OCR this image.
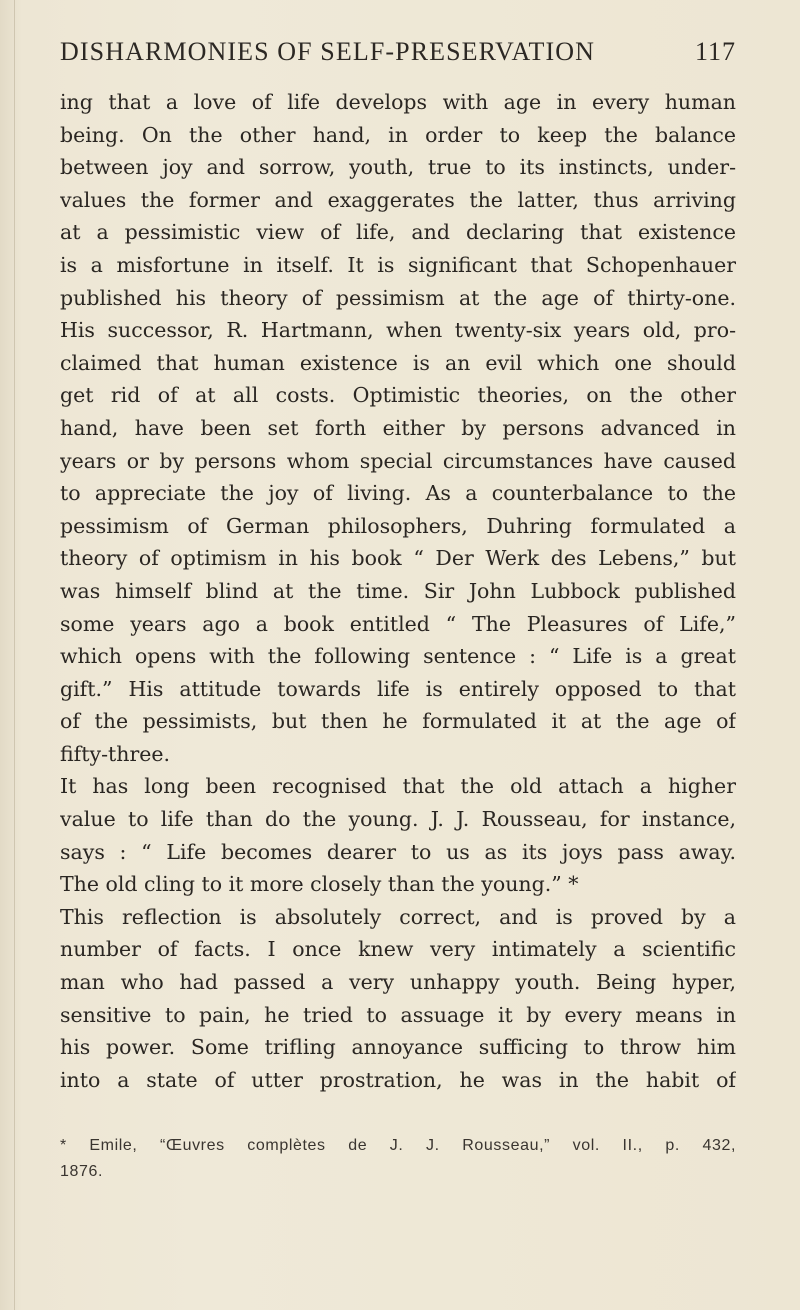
DISHARMONIES OF SELF-PRESERVATION	117
ing that a love of life develops with age in every human
being. On the other hand, in order to keep the balance
between joy and sorrow, youth, true to its instincts, under-
values the former and exaggerates the latter, thus arriving
at a pessimistic view of life, and declaring that existence
is a misfortune in itself. It is significant that Schopenhauer
published his theory of pessimism at the age of thirty-one.
His successor, R. Hartmann, when twenty-six years old, pro-
claimed that human existence is an evil which one should
get rid of at all costs. Optimistic theories, on the other
hand, have been set forth either by persons advanced in
years or by persons whom special circumstances have caused
to appreciate the joy of living. As a counterbalance to the
pessimism of German philosophers, Duhring formulated a
theory of optimism in his book “ Der Werk des Lebens,” but
was himself blind at the time. Sir John Lubbock published
some years ago a book entitled “ The Pleasures of Life,”
which opens with the following sentence : “ Life is a great
gift.” His attitude towards life is entirely opposed to that
of the pessimists, but then he formulated it at the age of
fifty-three.
It has long been recognised that the old attach a higher
value to life than do the young. J. J. Rousseau, for instance,
says : “ Life becomes dearer to us as its joys pass away.
The old cling to it more closely than the young.” *
This reflection is absolutely correct, and is proved by a
number of facts. I once knew very intimately a scientific
man who had passed a very unhappy youth. Being hyper,
sensitive to pain, he tried to assuage it by every means in
his power. Some trifling annoyance sufficing to throw him
into a state of utter prostration, he was in the habit of
* Emile, “Œuvres complètes de J. J. Rousseau,” vol. II., p. 432,
1876.
